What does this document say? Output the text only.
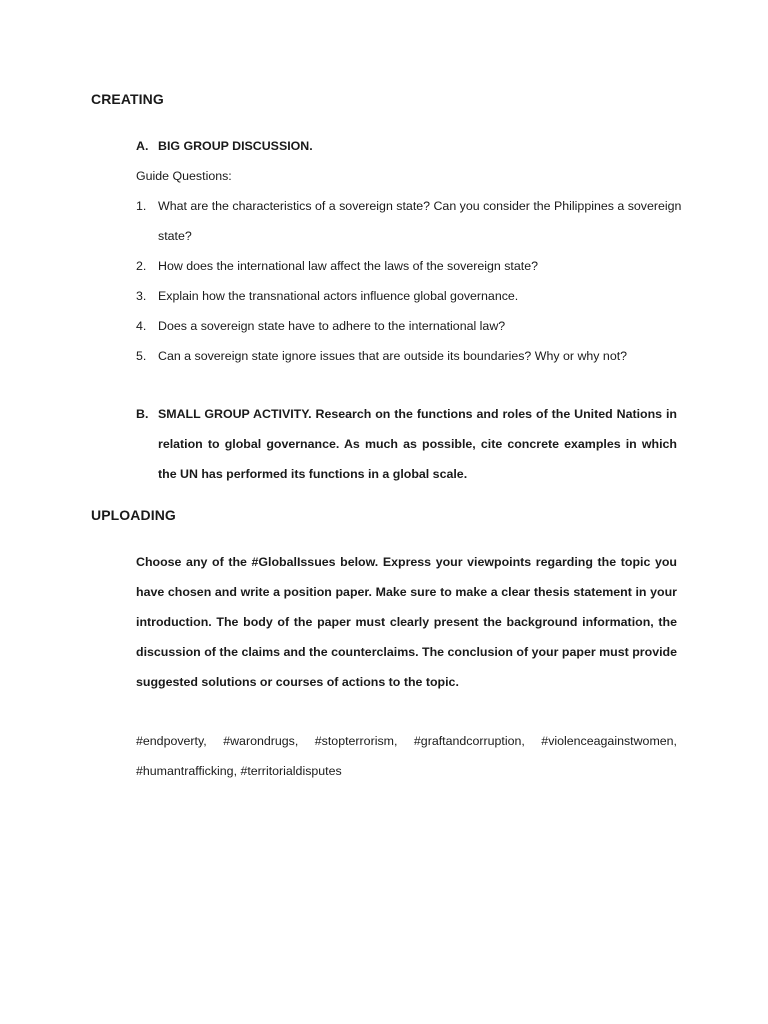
CREATING
A. BIG GROUP DISCUSSION.
Guide Questions:
1. What are the characteristics of a sovereign state? Can you consider the Philippines a sovereign
state?
2. How does the international law affect the laws of the sovereign state?
3. Explain how the transnational actors influence global governance.
4. Does a sovereign state have to adhere to the international law?
5. Can a sovereign state ignore issues that are outside its boundaries? Why or why not?
B. SMALL GROUP ACTIVITY. Research on the functions and roles of the United Nations in
relation to global governance. As much as possible, cite concrete examples in which
the UN has performed its functions in a global scale.
UPLOADING
Choose any of the #GlobalIssues below. Express your viewpoints regarding the topic you
have chosen and write a position paper. Make sure to make a clear thesis statement in your
introduction. The body of the paper must clearly present the background information, the
discussion of the claims and the counterclaims. The conclusion of your paper must provide
suggested solutions or courses of actions to the topic.
#endpoverty, #warondrugs, #stopterrorism, #graftandcorruption, #violenceagainstwomen,
#humantrafficking, #territorialdisputes
